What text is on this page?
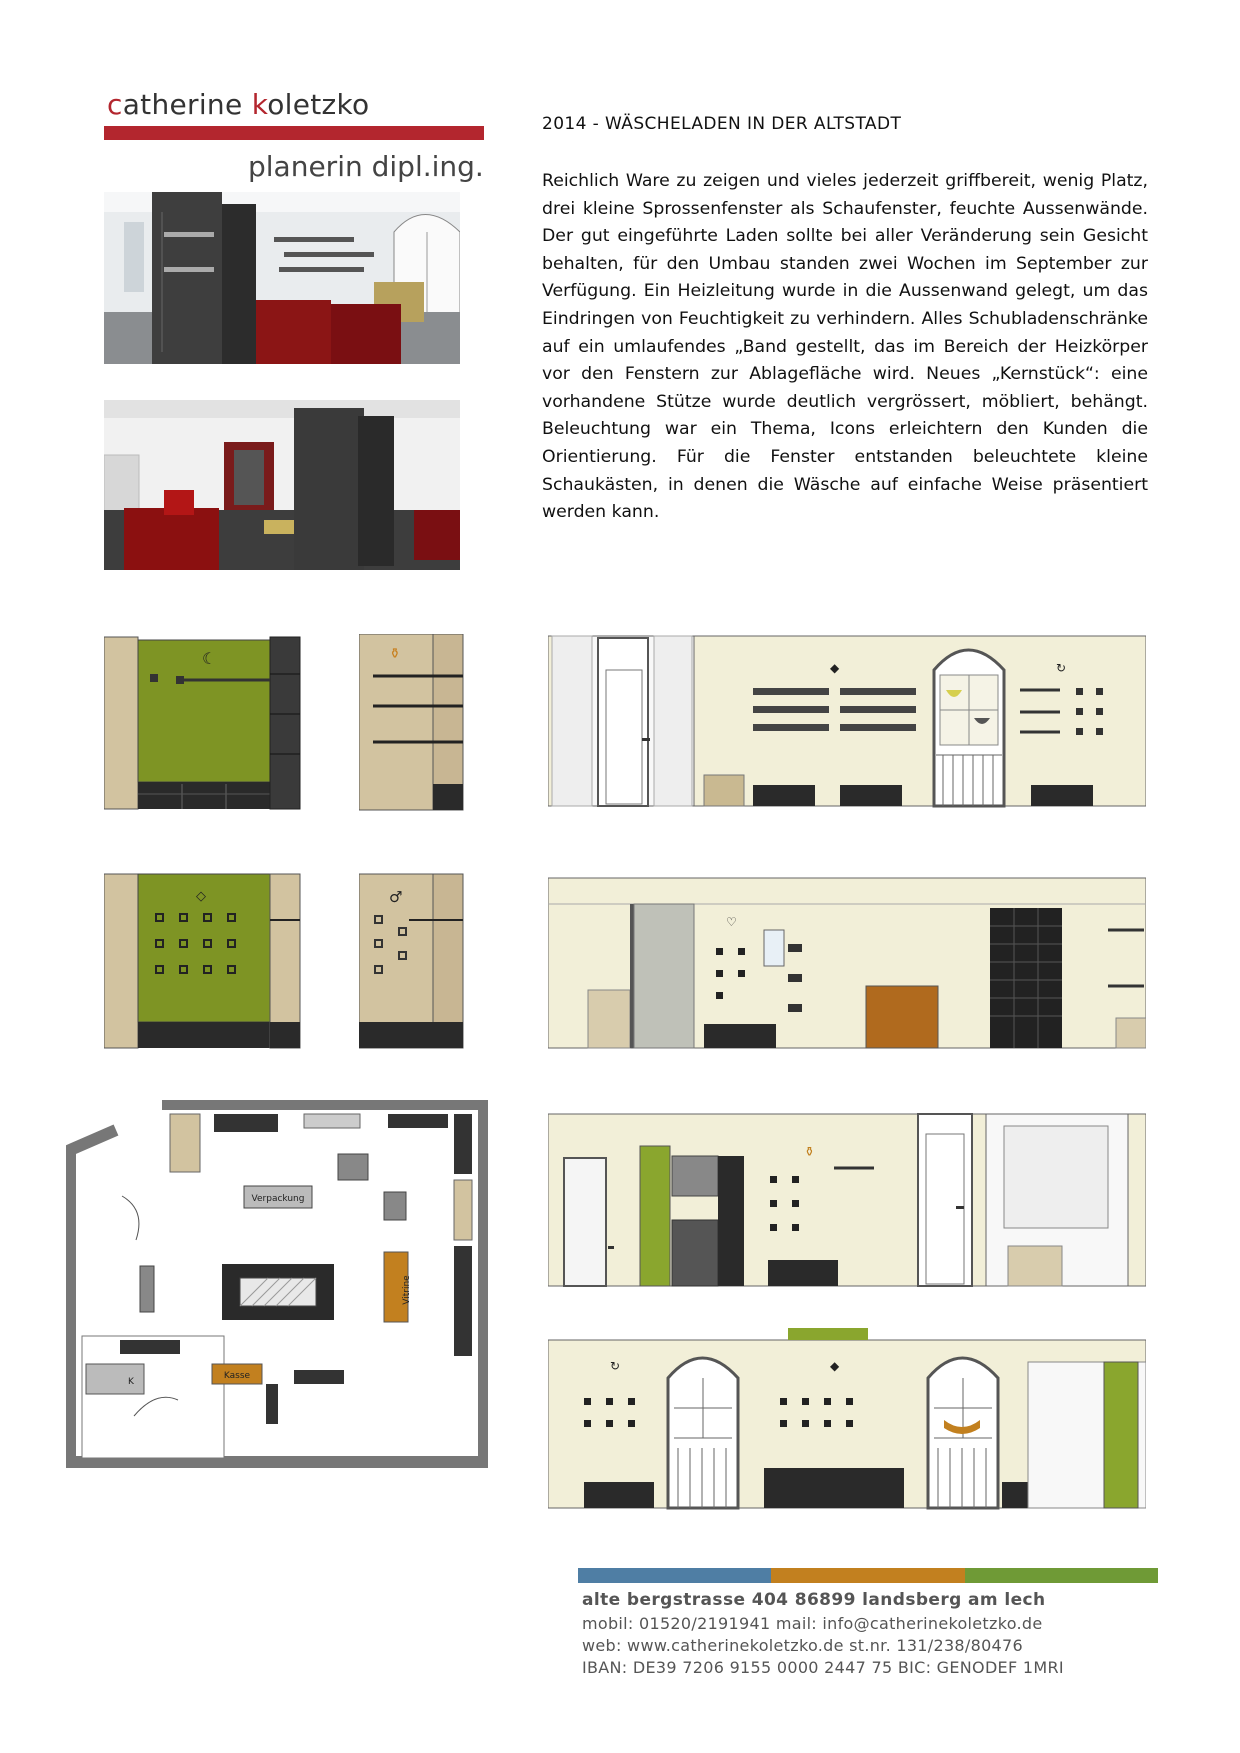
catherine koletzko
planerin dipl.ing.
2014 - WÄSCHELADEN IN DER ALTSTADT
Reichlich Ware zu zeigen und vieles jederzeit griffbereit, wenig Platz, drei kleine Sprossenfenster als Schaufenster, feuchte Aussenwände. Der gut eingeführte Laden sollte bei aller Veränderung sein Gesicht behalten, für den Umbau standen zwei Wochen im September zur Verfügung. Ein Heizleitung wurde in die Aussenwand gelegt, um das Eindringen von Feuchtigkeit zu verhindern. Alles Schubladenschränke auf ein umlaufendes „Band gestellt, das im Bereich der Heizkörper vor den Fenstern zur Ablagefläche wird. Neues „Kernstück“: eine vorhandene Stütze wurde deutlich vergrössert, möbliert, behängt. Beleuchtung war ein Thema, Icons erleichtern den Kunden die Orientierung. Für die Fenster entstanden beleuchtete kleine Schaukästen, in denen die Wäsche auf einfache Weise präsentiert werden kann.
☾	⚱
◆	↻
◇	♂
♡
Verpackung
Vitrine
Kasse
K
⚱
↻	◆
alte bergstrasse 404 86899 landsberg am lech
mobil: 01520/2191941 mail: info@catherinekoletzko.de
web: www.catherinekoletzko.de st.nr. 131/238/80476
IBAN: DE39 7206 9155 0000 2447 75 BIC: GENODEF 1MRI
